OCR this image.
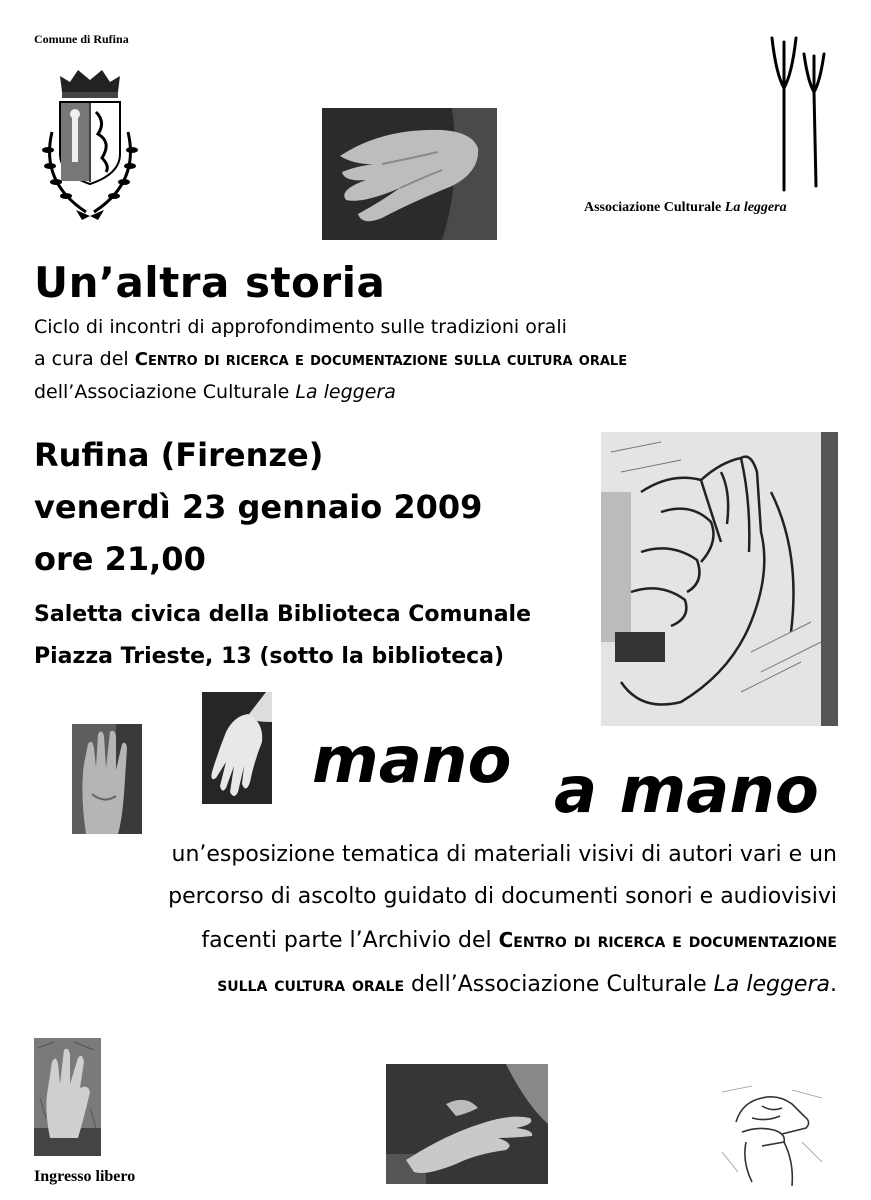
Comune di Rufina
Associazione Culturale La leggera
Un’altra storia
Ciclo di incontri di approfondimento sulle tradizioni orali
a cura del Centro di ricerca e documentazione sulla cultura orale
dell’Associazione Culturale La leggera
Rufina (Firenze)
venerdì 23 gennaio 2009
ore 21,00
Saletta civica della Biblioteca Comunale
Piazza Trieste, 13 (sotto la biblioteca)
mano a mano
un’esposizione tematica di materiali visivi di autori vari e un
percorso di ascolto guidato di documenti sonori e audiovisivi
facenti parte l’Archivio del Centro di ricerca e documentazione
sulla cultura orale dell’Associazione Culturale La leggera.
Ingresso libero
